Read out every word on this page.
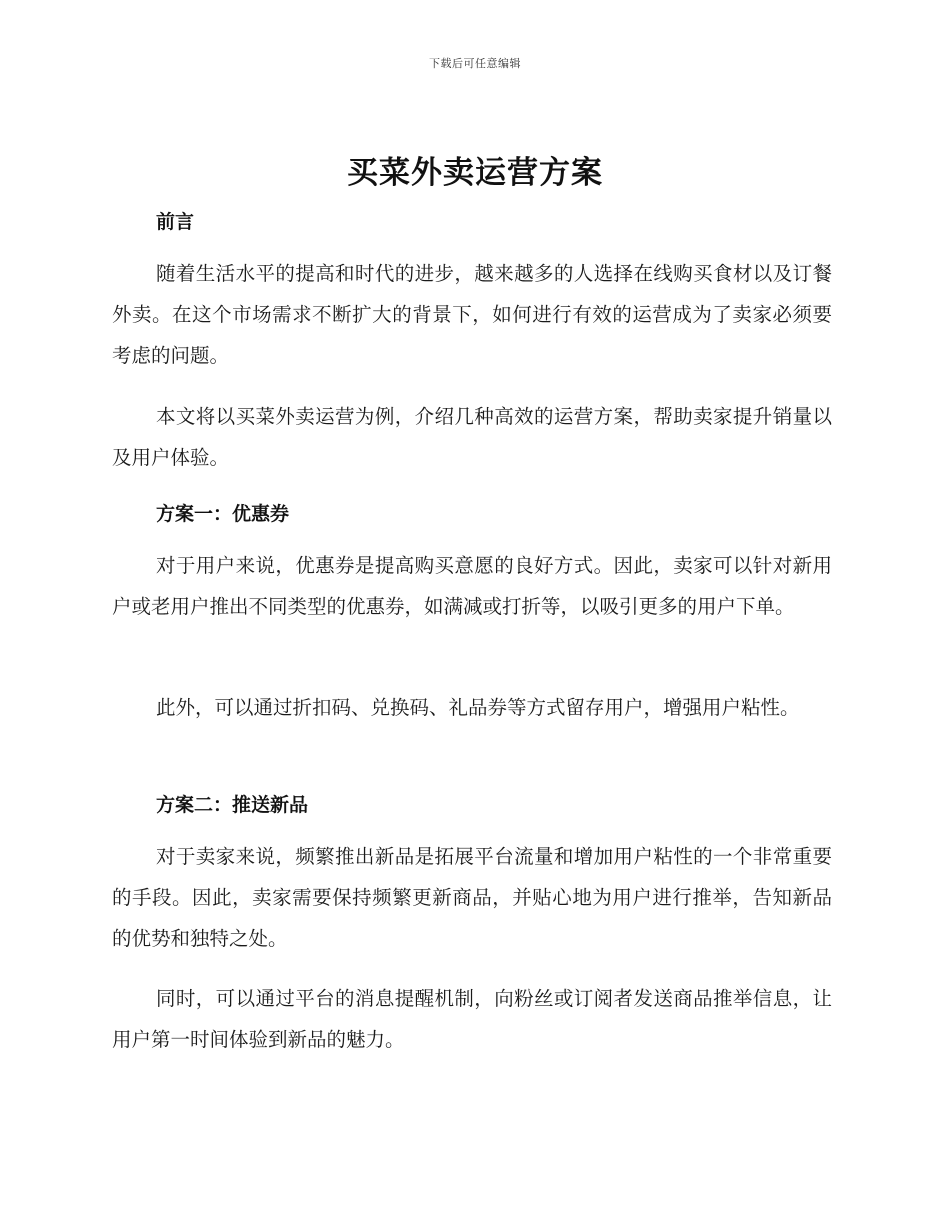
下载后可任意编辑
买菜外卖运营方案
前言

随着生活水平的提高和时代的进步，越来越多的人选择在线购买食材以及订餐外卖。在这个市场需求不断扩大的背景下，如何进行有效的运营成为了卖家必须要考虑的问题。

本文将以买菜外卖运营为例，介绍几种高效的运营方案，帮助卖家提升销量以及用户体验。

方案一：优惠券

对于用户来说，优惠券是提高购买意愿的良好方式。因此，卖家可以针对新用户或老用户推出不同类型的优惠券，如满减或打折等，以吸引更多的用户下单。

此外，可以通过折扣码、兑换码、礼品券等方式留存用户，增强用户粘性。

方案二：推送新品

对于卖家来说，频繁推出新品是拓展平台流量和增加用户粘性的一个非常重要的手段。因此，卖家需要保持频繁更新商品，并贴心地为用户进行推举，告知新品的优势和独特之处。

同时，可以通过平台的消息提醒机制，向粉丝或订阅者发送商品推举信息，让用户第一时间体验到新品的魅力。
